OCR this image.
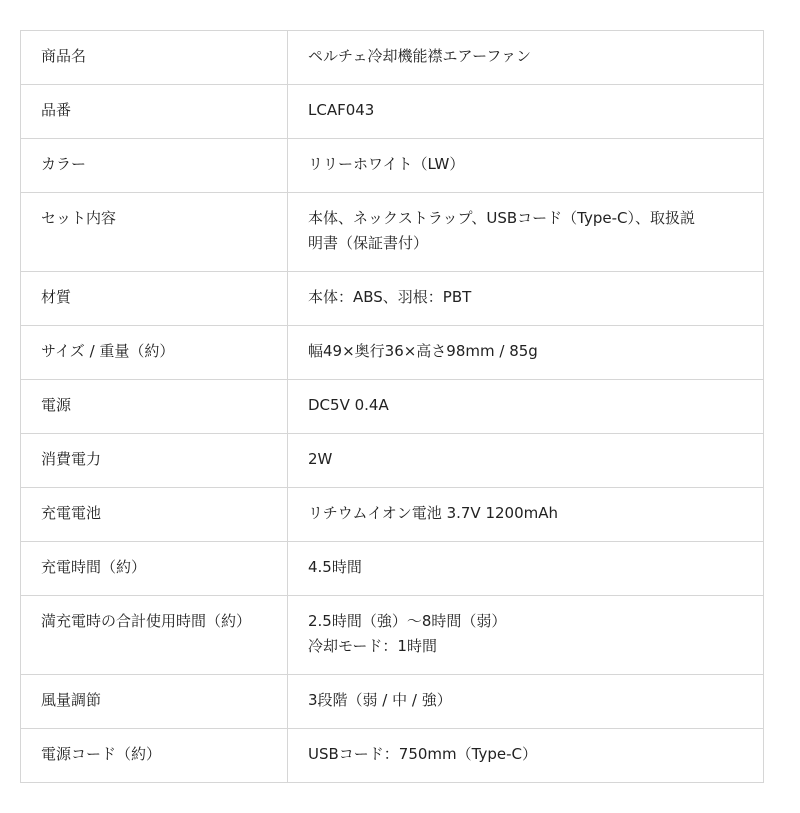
商品名	ペルチェ冷却機能襟エアーファン

品番	LCAF043

カラー	リリーホワイト（LW）

セット内容	本体、ネックストラップ、USBコード（Type-C）、取扱説
明書（保証書付）

材質	本体：ABS、羽根：PBT

サイズ / 重量（約）	幅49×奥行36×高さ98mm / 85g

電源	DC5V 0.4A

消費電力	2W

充電電池	リチウムイオン電池 3.7V 1200mAh

充電時間（約）	4.5時間

満充電時の合計使用時間（約）	2.5時間（強）〜8時間（弱）
冷却モード：1時間

風量調節	3段階（弱 / 中 / 強）

電源コード（約）	USBコード：750mm（Type-C）
